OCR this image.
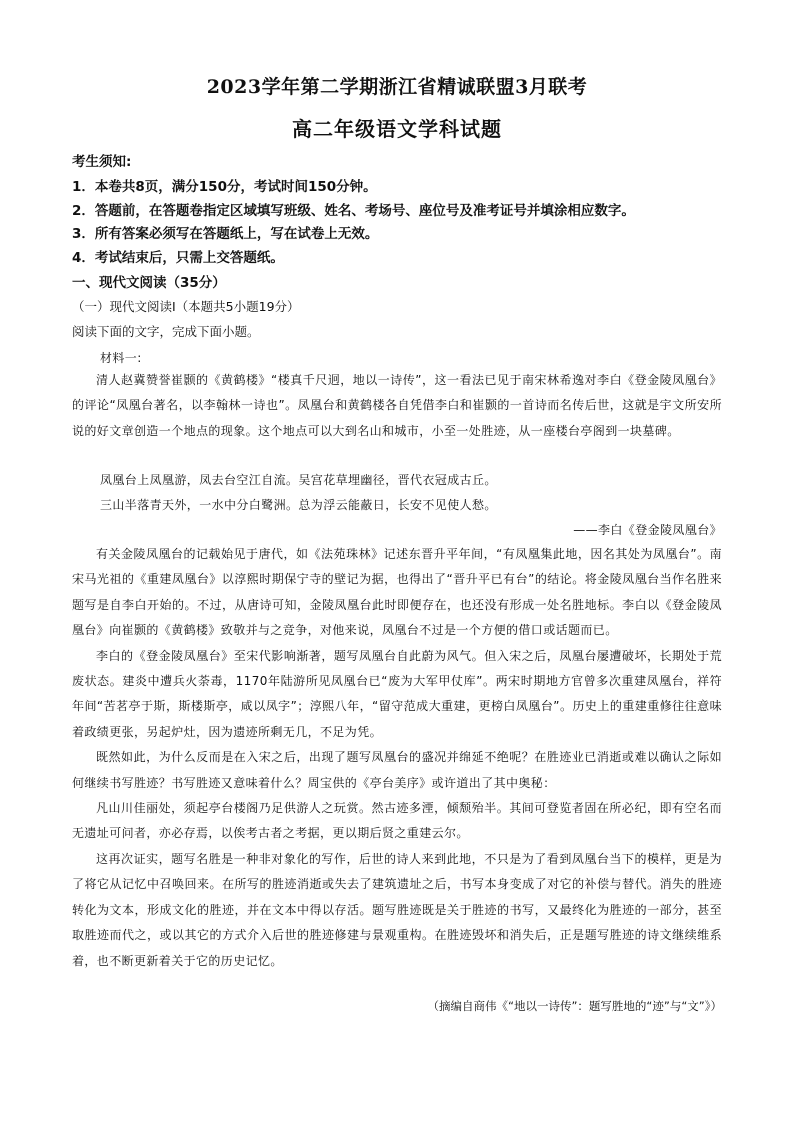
2023学年第二学期浙江省精诚联盟3月联考
高二年级语文学科试题
考生须知:
1．本卷共8页，满分150分，考试时间150分钟。
2．答题前，在答题卷指定区域填写班级、姓名、考场号、座位号及准考证号并填涂相应数字。
3．所有答案必须写在答题纸上，写在试卷上无效。
4．考试结束后，只需上交答题纸。
一、现代文阅读（35分）
（一）现代文阅读Ⅰ（本题共5小题19分）
阅读下面的文字，完成下面小题。
材料一:

清人赵冀赞誉崔颢的《黄鹤楼》“楼真千尺迥，地以一诗传”，这一看法已见于南宋林希逸对李白《登金陵凤凰台》的评论“凤凰台著名，以李翰林一诗也”。凤凰台和黄鹤楼各自凭借李白和崔颢的一首诗而名传后世，这就是宇文所安所说的好文章创造一个地点的现象。这个地点可以大到名山和城市，小至一处胜迹，从一座楼台亭阁到一块墓碑。

凤凰台上凤凰游，凤去台空江自流。吴宫花草埋幽径，晋代衣冠成古丘。
三山半落青天外，一水中分白鹭洲。总为浮云能蔽日，长安不见使人愁。
——李白《登金陵凤凰台》

有关金陵凤凰台的记载始见于唐代，如《法苑珠林》记述东晋升平年间，“有凤凰集此地，因名其处为凤凰台”。南宋马光祖的《重建凤凰台》以淳熙时期保宁寺的壁记为据，也得出了“晋升平已有台”的结论。将金陵凤凰台当作名胜来题写是自李白开始的。不过，从唐诗可知，金陵凤凰台此时即便存在，也还没有形成一处名胜地标。李白以《登金陵凤凰台》向崔颢的《黄鹤楼》致敬并与之竞争，对他来说，凤凰台不过是一个方便的借口或话题而已。

李白的《登金陵凤凰台》至宋代影响渐著，题写凤凰台自此蔚为风气。但入宋之后，凤凰台屡遭破坏，长期处于荒废状态。建炎中遭兵火荼毒，1170年陆游所见凤凰台已“废为大军甲仗库”。两宋时期地方官曾多次重建凤凰台，祥符年间“苦茗亭于斯，斯楼斯亭，咸以凤字”；淳熙八年，“留守范成大重建，更榜白凤凰台”。历史上的重建重修往往意味着政绩更张，另起炉灶，因为遗迹所剩无几，不足为凭。

既然如此，为什么反而是在入宋之后，出现了题写凤凰台的盛况并绵延不绝呢？在胜迹业已消逝或难以确认之际如何继续书写胜迹？书写胜迹又意味着什么？周宝供的《亭台美序》或许道出了其中奥秘：

凡山川佳丽处，须起亭台楼阁乃足供游人之玩赏。然古迹多湮，倾颓殆半。其间可登览者固在所必纪，即有空名而无遗址可问者，亦必存焉，以俟考古者之考据，更以期后贤之重建云尔。

这再次证实，题写名胜是一种非对象化的写作，后世的诗人来到此地，不只是为了看到凤凰台当下的模样，更是为了将它从记忆中召唤回来。在所写的胜迹消逝或失去了建筑遗址之后，书写本身变成了对它的补偿与替代。消失的胜迹转化为文本，形成文化的胜迹，并在文本中得以存活。题写胜迹既是关于胜迹的书写，又最终化为胜迹的一部分，甚至取胜迹而代之，或以其它的方式介入后世的胜迹修建与景观重构。在胜迹毁坏和消失后，正是题写胜迹的诗文继续维系着，也不断更新着关于它的历史记忆。

（摘编自商伟《“地以一诗传”：题写胜地的“迹”与“文”》）
